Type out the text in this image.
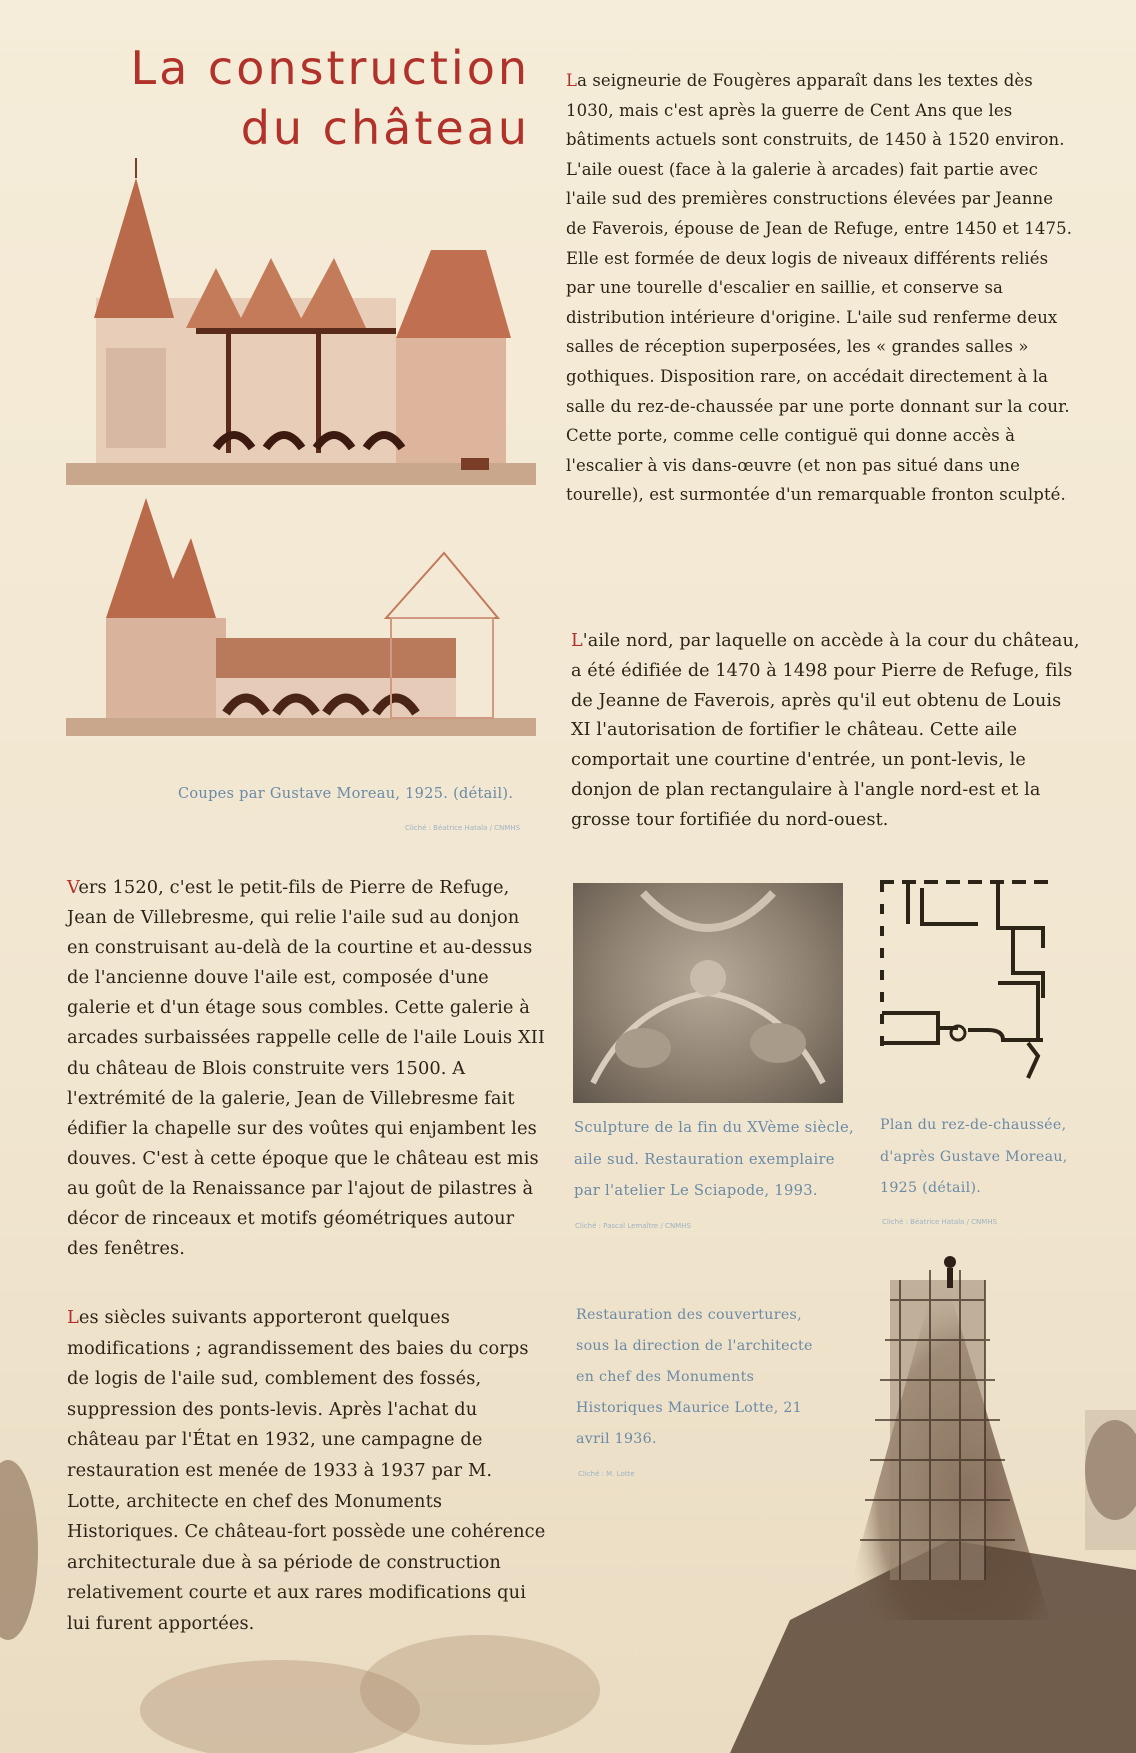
La construction
du château

Coupes par Gustave Moreau, 1925. (détail).

Cliché : Béatrice Hatala / CNMHS

La seigneurie de Fougères apparaît dans les textes dès 1030, mais c'est après la guerre de Cent Ans que les bâtiments actuels sont construits, de 1450 à 1520 environ. L'aile ouest (face à la galerie à arcades) fait partie avec l'aile sud des premières constructions élevées par Jeanne de Faverois, épouse de Jean de Refuge, entre 1450 et 1475. Elle est formée de deux logis de niveaux différents reliés par une tourelle d'escalier en saillie, et conserve sa distribution intérieure d'origine. L'aile sud renferme deux salles de réception superposées, les « grandes salles » gothiques. Disposition rare, on accédait directement à la salle du rez-de-chaussée par une porte donnant sur la cour. Cette porte, comme celle contiguë qui donne accès à l'escalier à vis dans-œuvre (et non pas situé dans une tourelle), est surmontée d'un remarquable fronton sculpté.

L'aile nord, par laquelle on accède à la cour du château, a été édifiée de 1470 à 1498 pour Pierre de Refuge, fils de Jeanne de Faverois, après qu'il eut obtenu de Louis XI l'autorisation de fortifier le château. Cette aile comportait une courtine d'entrée, un pont-levis, le donjon de plan rectangulaire à l'angle nord-est et la grosse tour fortifiée du nord-ouest.

Vers 1520, c'est le petit-fils de Pierre de Refuge, Jean de Villebresme, qui relie l'aile sud au donjon en construisant au-delà de la courtine et au-dessus de l'ancienne douve l'aile est, composée d'une galerie et d'un étage sous combles. Cette galerie à arcades surbaissées rappelle celle de l'aile Louis XII du château de Blois construite vers 1500. A l'extrémité de la galerie, Jean de Villebresme fait édifier la chapelle sur des voûtes qui enjambent les douves. C'est à cette époque que le château est mis au goût de la Renaissance par l'ajout de pilastres à décor de rinceaux et motifs géométriques autour des fenêtres.

Les siècles suivants apporteront quelques modifications ; agrandissement des baies du corps de logis de l'aile sud, comblement des fossés, suppression des ponts-levis. Après l'achat du château par l'État en 1932, une campagne de restauration est menée de 1933 à 1937 par M. Lotte, architecte en chef des Monuments Historiques. Ce château-fort possède une cohérence architecturale due à sa période de construction relativement courte et aux rares modifications qui lui furent apportées.

Sculpture de la fin du XVème siècle, aile sud. Restauration exemplaire par l'atelier Le Sciapode, 1993.

Cliché : Pascal Lemaître / CNMHS

Plan du rez-de-chaussée, d'après Gustave Moreau, 1925 (détail).

Cliché : Béatrice Hatala / CNMHS

Restauration des couvertures, sous la direction de l'architecte en chef des Monuments Historiques Maurice Lotte, 21 avril 1936.

Cliché : M. Lotte
